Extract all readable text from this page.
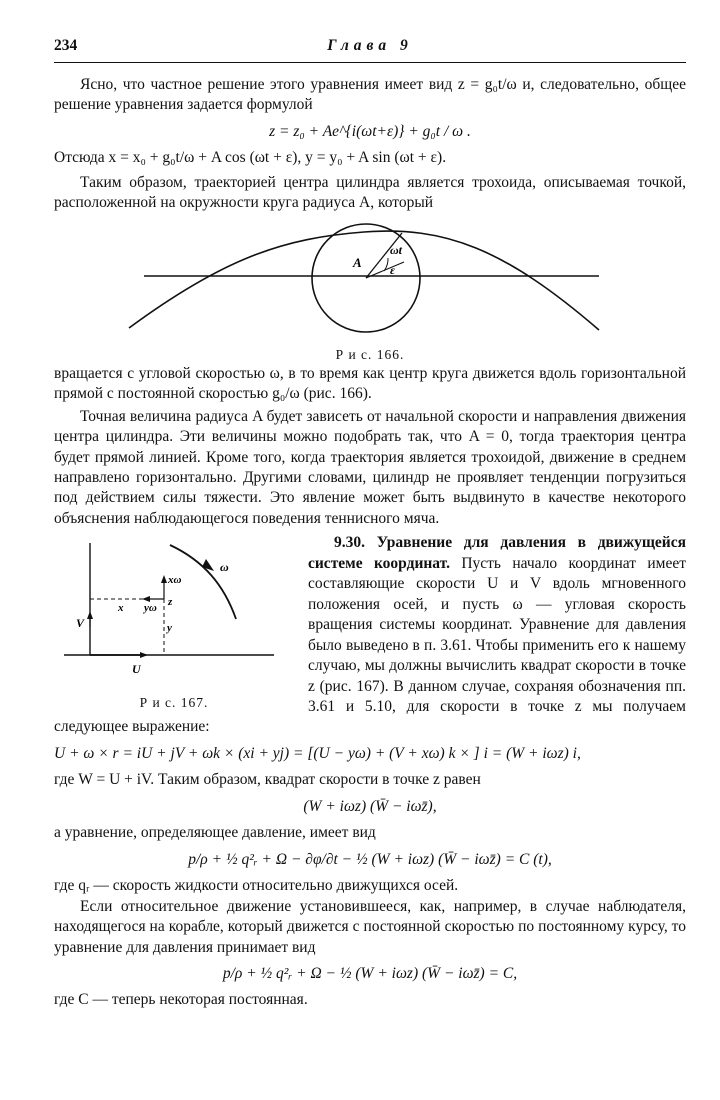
234	Глава 9

Ясно, что частное решение этого уравнения имеет вид z = g₀t/ω и, следовательно, общее решение уравнения задается формулой

z = z₀ + Ae^{i(ωt+ε)} + g₀t / ω .

Отсюда x = x₀ + g₀t/ω + A cos (ωt + ε), y = y₀ + A sin (ωt + ε).

Таким образом, траекторией центра цилиндра является трохоида, описываемая точкой, расположенной на окружности круга радиуса A, который

A
ωt
ε
Р и с. 166.

вращается с угловой скоростью ω, в то время как центр круга движется вдоль горизонтальной прямой с постоянной скоростью g₀/ω (рис. 166).

Точная величина радиуса A будет зависеть от начальной скорости и направления движения центра цилиндра. Эти величины можно подобрать так, что A = 0, тогда траектория центра будет прямой линией. Кроме того, когда траектория является трохоидой, движение в среднем направлено горизонтально. Другими словами, цилиндр не проявляет тенденции погрузиться под действием силы тяжести. Это явление может быть выдвинуто в качестве некоторого объяснения наблюдающегося поведения теннисного мяча.

ω
xω
yω
x
y
z
V
U
Р и с. 167.

9.30. Уравнение для давления в движущейся системе координат. Пусть начало координат имеет составляющие скорости U и V вдоль мгновенного положения осей, и пусть ω — угловая скорость вращения системы координат. Уравнение для давления было выведено в п. 3.61. Чтобы применить его к нашему случаю, мы должны вычислить квадрат скорости в точке z (рис. 167). В данном случае, сохраняя обозначения пп. 3.61 и 5.10, для скорости в точке z мы получаем следующее выражение:

U + ω × r = iU + jV + ωk × (xi + yj) = [(U − yω) + (V + xω) k × ] i = (W + iωz) i,

где W = U + iV. Таким образом, квадрат скорости в точке z равен

(W + iωz) (W̄ − iωz̄),

а уравнение, определяющее давление, имеет вид

p/ρ + ½ q²ᵣ + Ω − ∂φ/∂t − ½ (W + iωz) (W̄ − iωz̄) = C (t),

где qᵣ — скорость жидкости относительно движущихся осей.

Если относительное движение установившееся, как, например, в случае наблюдателя, находящегося на корабле, который движется с постоянной скоростью по постоянному курсу, то уравнение для давления принимает вид

p/ρ + ½ q²ᵣ + Ω − ½ (W + iωz) (W̄ − iωz̄) = C,

где C — теперь некоторая постоянная.
